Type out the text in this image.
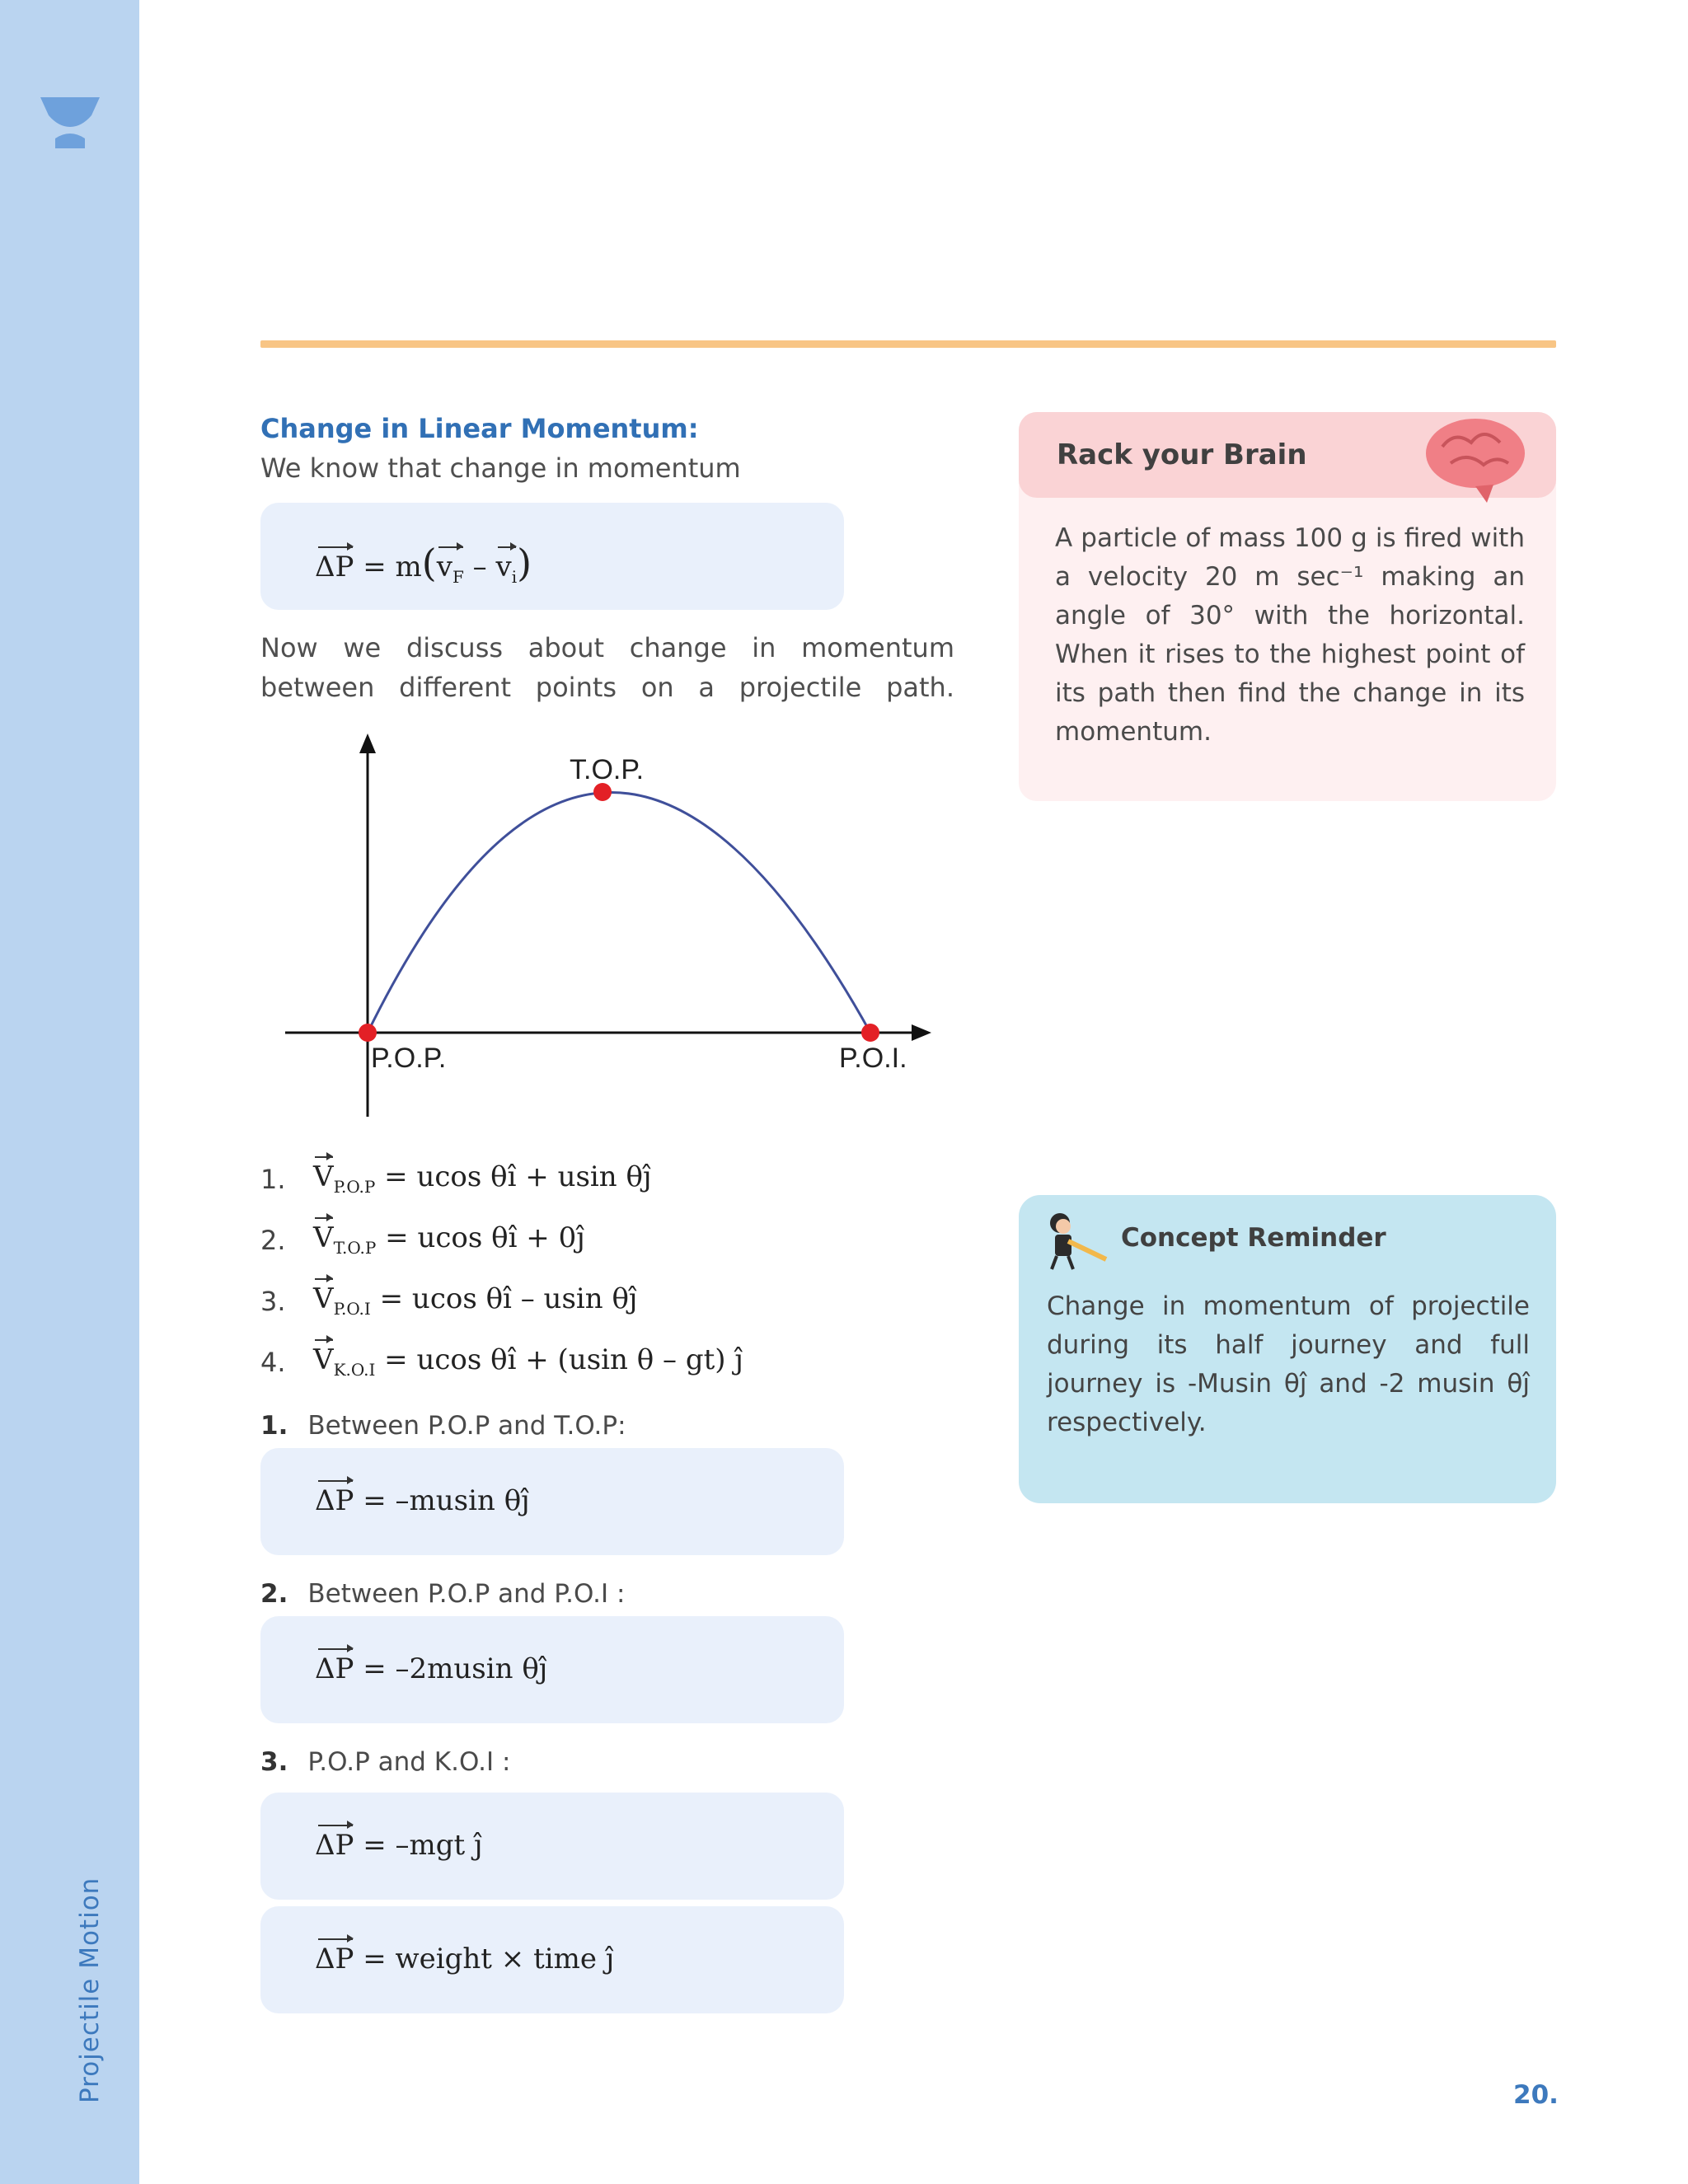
Projectile Motion
Change in Linear Momentum:
We know that change in momentum
$\Delta P = m(v_F - v_i)$
Now we discuss about change in momentum between different points on a projectile path.
T.O.P.
P.O.P.	P.O.I.
1. $V_{P.O.P} = ucos$ θî + usin θĵ
2. $V_{T.O.P} = ucos$ θî + 0ĵ
3. $V_{P.O.I} = ucos$ θî – usin θĵ
4. $V_{K.O.I} = ucos$ θî + (usin θ – gt) ĵ
1. Between P.O.P and T.O.P:
ΔP = –musin θĵ
2. Between P.O.P and P.O.I :
ΔP = –2musin θĵ
3. P.O.P and K.O.I :
ΔP = –mgt ĵ
ΔP = weight × time ĵ
Rack your Brain
A particle of mass 100 g is fired with a velocity 20 m sec⁻¹ making an angle of 30° with the horizontal. When it rises to the highest point of its path then find the change in its momentum.
Concept Reminder
Change in momentum of projectile during its half journey and full journey is -Musin θĵ and -2 musin θĵ respectively.
20.
